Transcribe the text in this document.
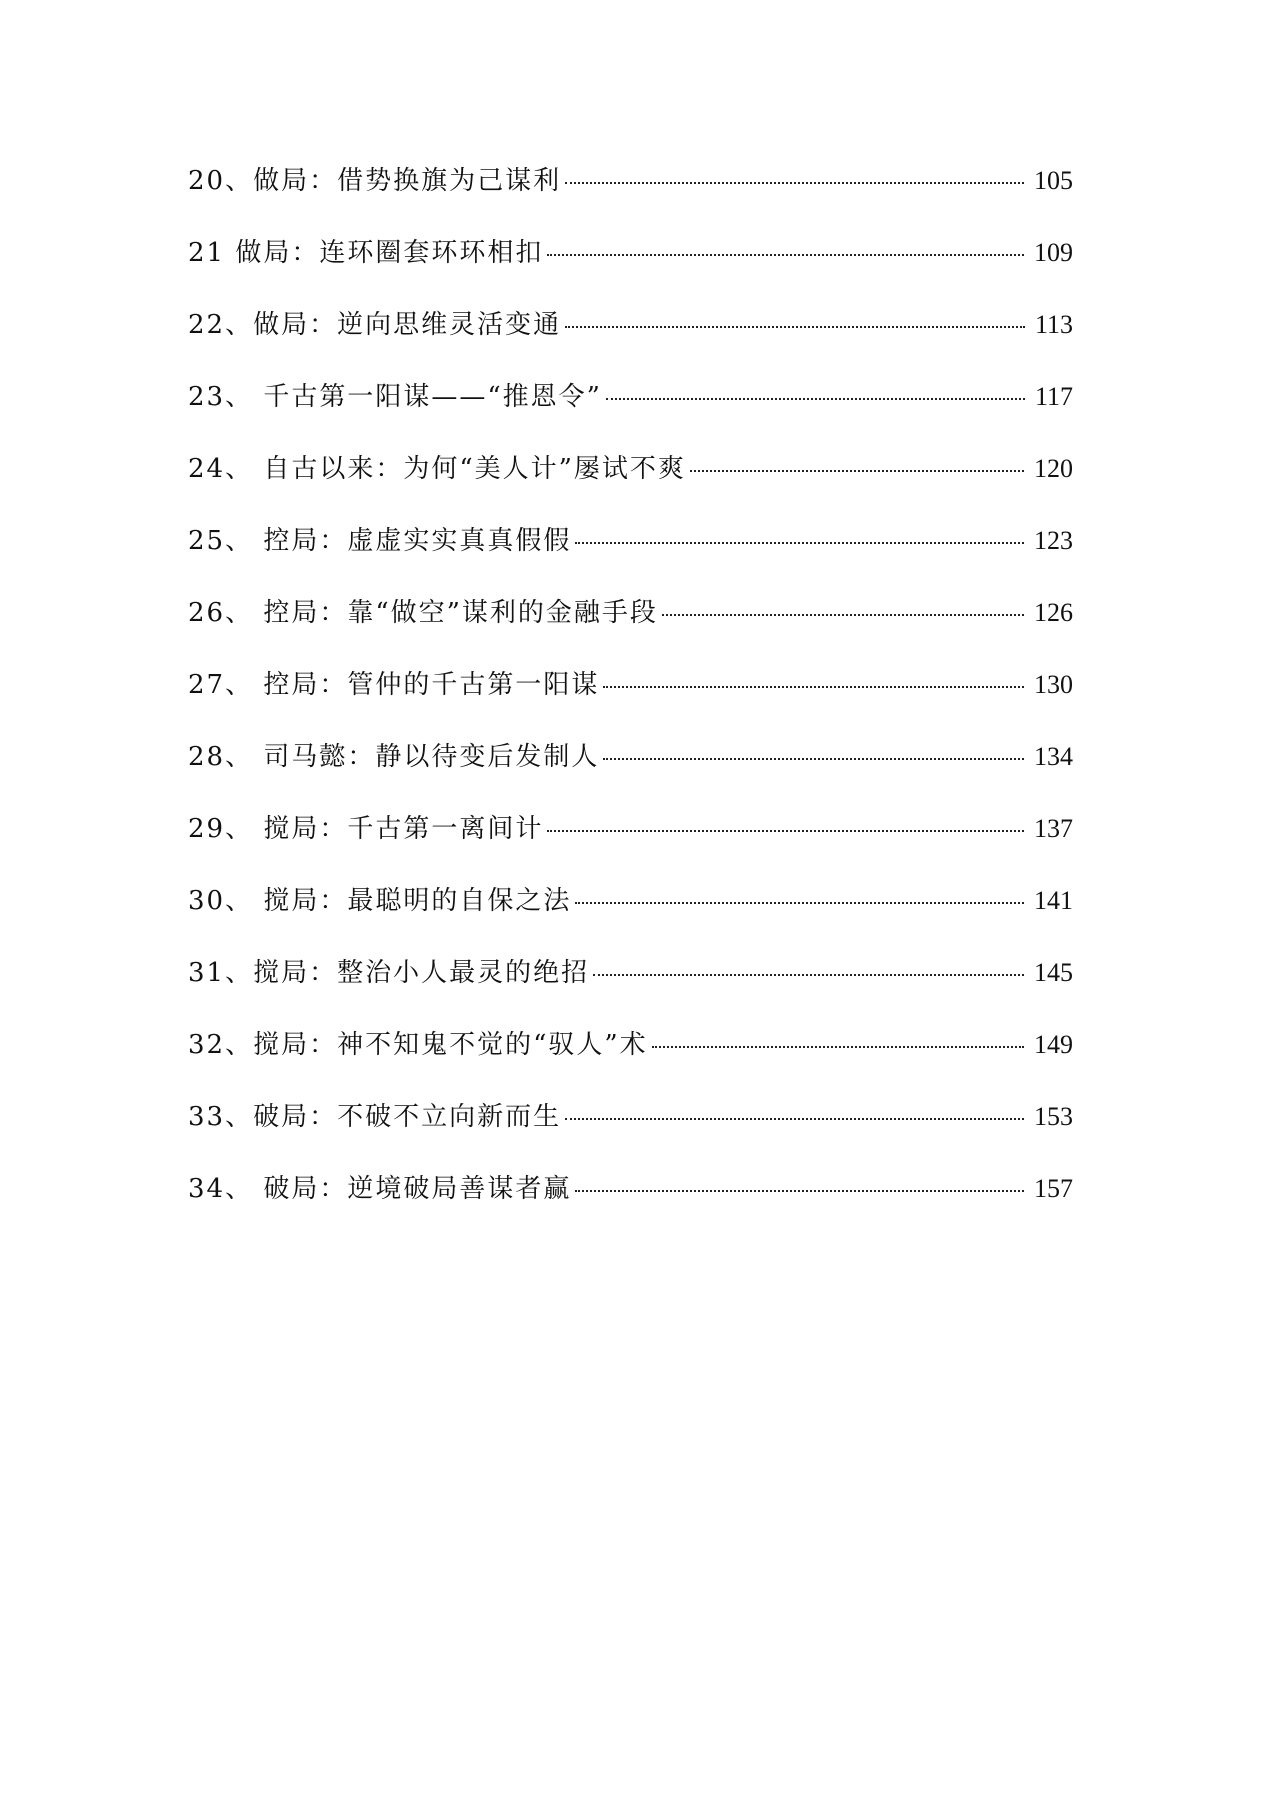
20、做局：借势换旗为己谋利	105
21 做局：连环圈套环环相扣	109
22、做局：逆向思维灵活变通	113
23、 千古第一阳谋——“推恩令”	117
24、 自古以来：为何“美人计”屡试不爽	120
25、 控局：虚虚实实真真假假	123
26、 控局：靠“做空”谋利的金融手段	126
27、 控局：管仲的千古第一阳谋	130
28、 司马懿：静以待变后发制人	134
29、 搅局：千古第一离间计	137
30、 搅局：最聪明的自保之法	141
31、搅局：整治小人最灵的绝招	145
32、搅局：神不知鬼不觉的“驭人”术	149
33、破局：不破不立向新而生	153
34、 破局：逆境破局善谋者赢	157
